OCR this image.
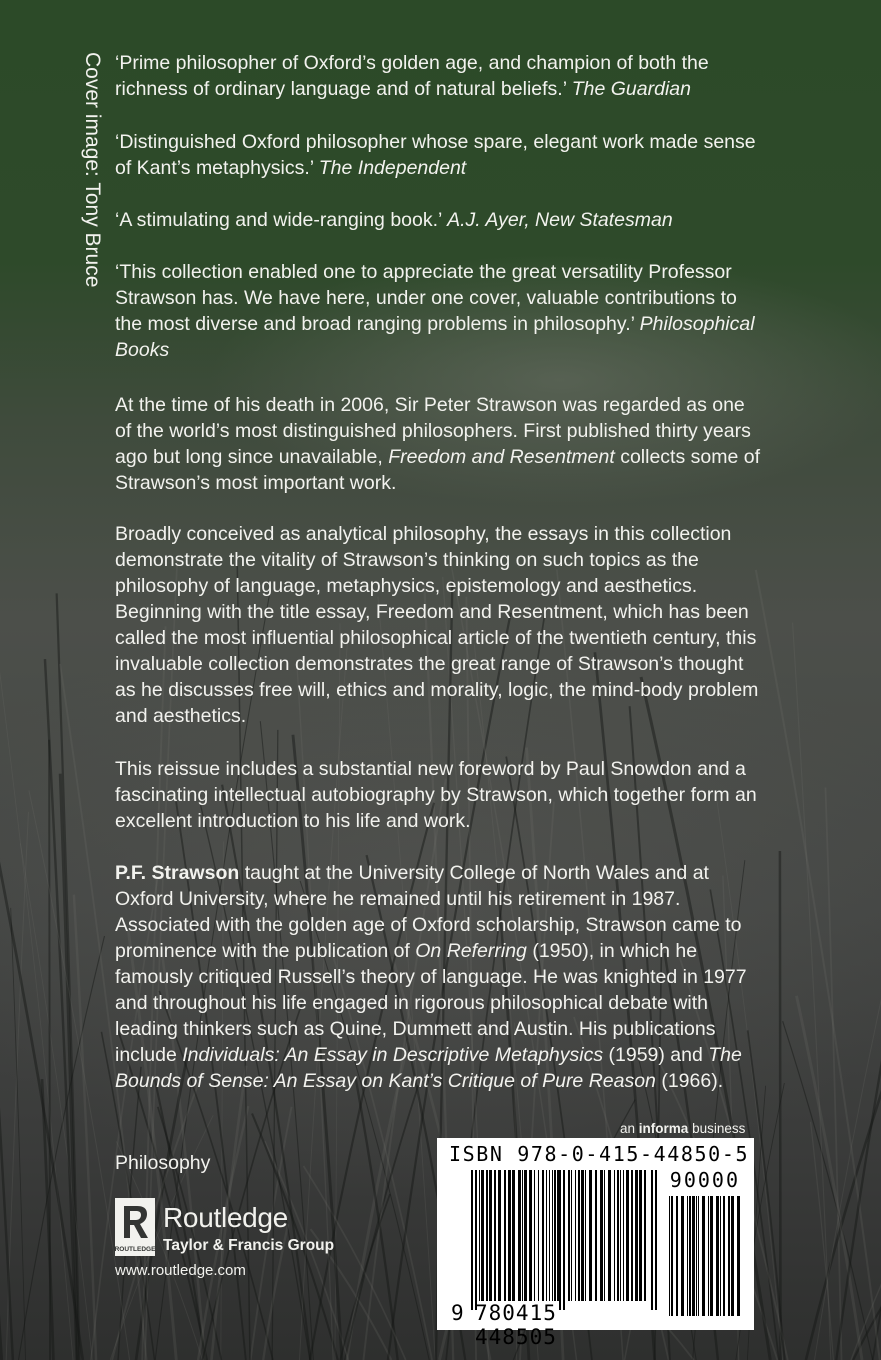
Cover image: Tony Bruce ‘Prime philosopher of Oxford’s golden age, and champion of both the richness of ordinary language and of natural beliefs.’ The Guardian
‘Distinguished Oxford philosopher whose spare, elegant work made sense of Kant’s metaphysics.’ The Independent
‘A stimulating and wide-ranging book.’ A.J. Ayer, New Statesman
‘This collection enabled one to appreciate the great versatility Professor Strawson has. We have here, under one cover, valuable contributions to the most diverse and broad ranging problems in philosophy.’ Philosophical Books
At the time of his death in 2006, Sir Peter Strawson was regarded as one of the world’s most distinguished philosophers. First published thirty years ago but long since unavailable, Freedom and Resentment collects some of Strawson’s most important work.

Broadly conceived as analytical philosophy, the essays in this collection demonstrate the vitality of Strawson’s thinking on such topics as the philosophy of language, metaphysics, epistemology and aesthetics. Beginning with the title essay, Freedom and Resentment, which has been called the most influential philosophical article of the twentieth century, this invaluable collection demonstrates the great range of Strawson’s thought as he discusses free will, ethics and morality, logic, the mind-body problem and aesthetics.

This reissue includes a substantial new foreword by Paul Snowdon and a fascinating intellectual autobiography by Strawson, which together form an excellent introduction to his life and work.

P.F. Strawson taught at the University College of North Wales and at Oxford University, where he remained until his retirement in 1987. Associated with the golden age of Oxford scholarship, Strawson came to prominence with the publication of On Referring (1950), in which he famously critiqued Russell’s theory of language. He was knighted in 1977 and throughout his life engaged in rigorous philosophical debate with leading thinkers such as Quine, Dummett and Austin. His publications include Individuals: An Essay in Descriptive Metaphysics (1959) and The Bounds of Sense: An Essay on Kant’s Critique of Pure Reason (1966).
Philosophy
ROUTLEDGE
Routledge
Taylor & Francis Group
www.routledge.com
an informa business
ISBN 978-0-415-44850-5
90000
9 780415 448505
